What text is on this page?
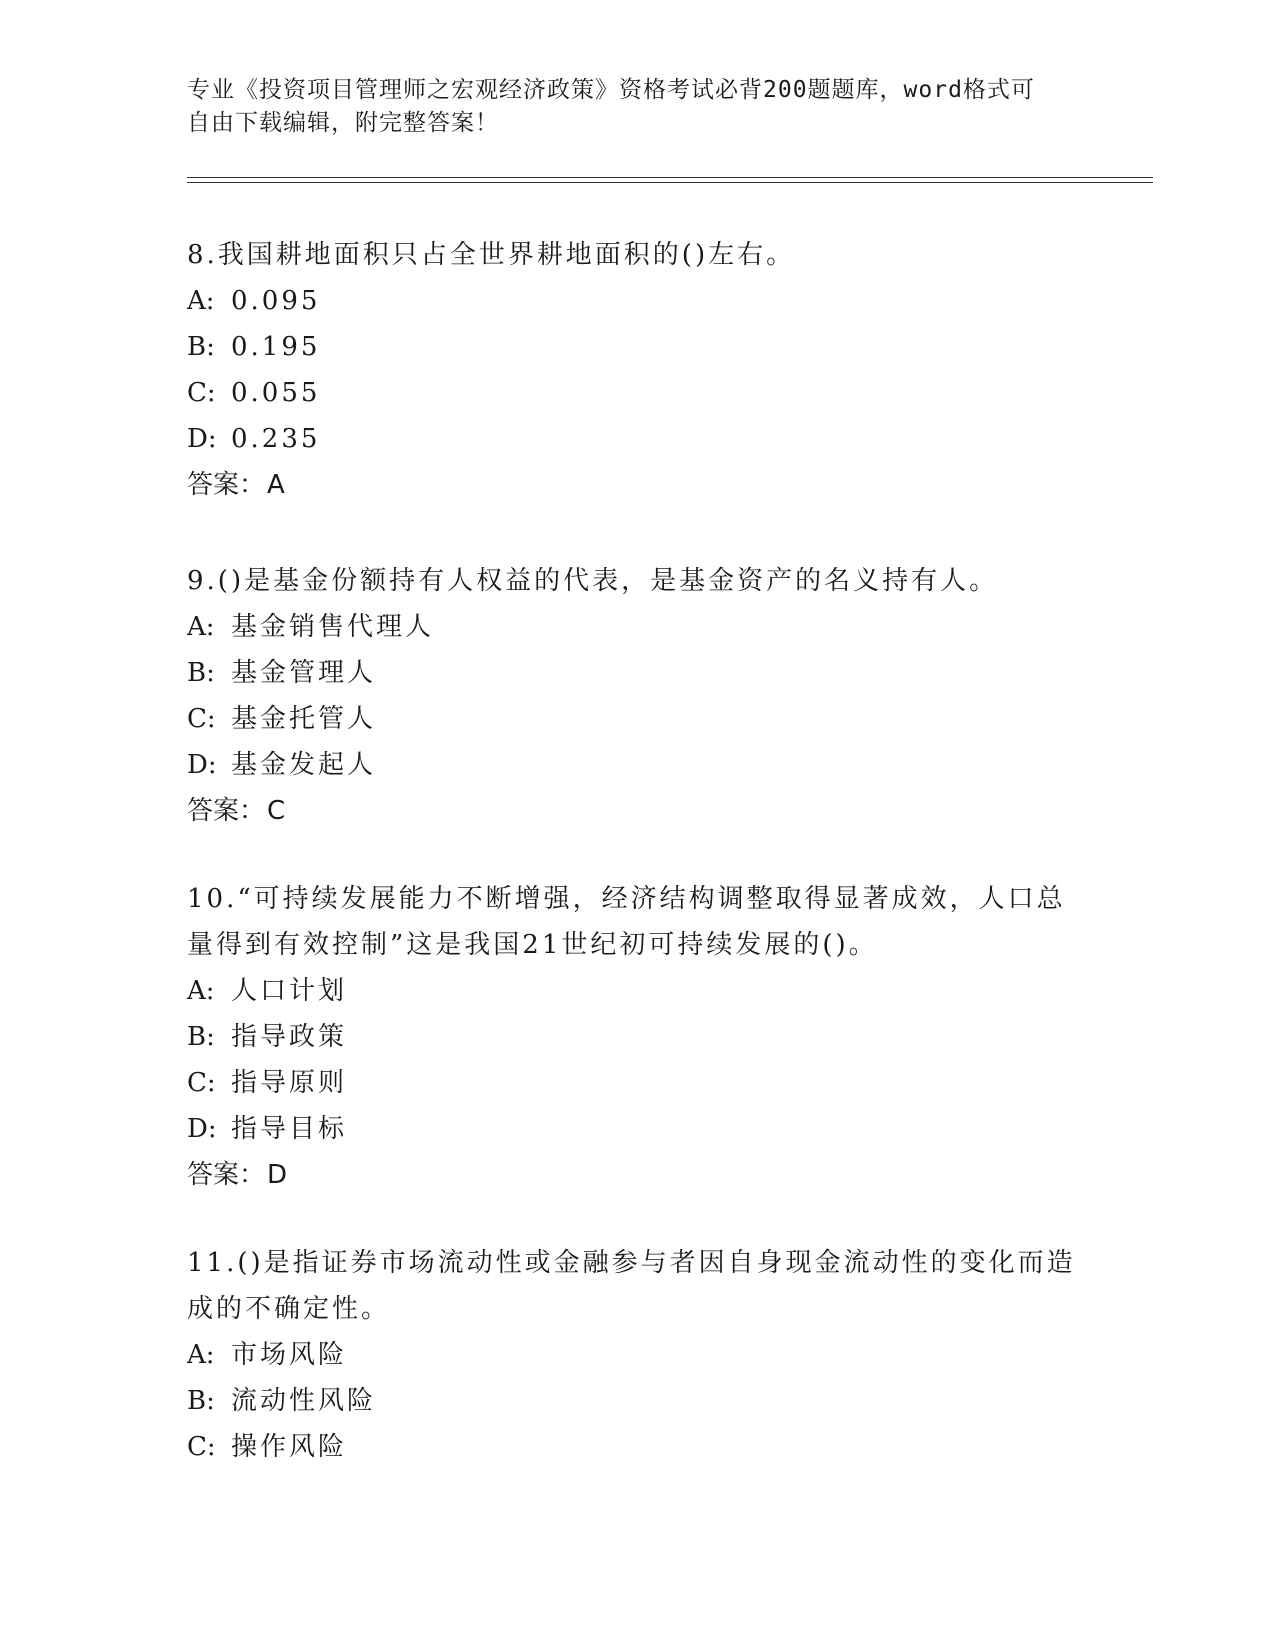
专业《投资项目管理师之宏观经济政策》资格考试必背200题题库，word格式可
自由下载编辑，附完整答案！

8.我国耕地面积只占全世界耕地面积的()左右。

A: 0.095

B: 0.195

C: 0.055

D: 0.235

答案：A

9.()是基金份额持有人权益的代表，是基金资产的名义持有人。

A: 基金销售代理人

B: 基金管理人

C: 基金托管人

D: 基金发起人

答案：C

10.“可持续发展能力不断增强，经济结构调整取得显著成效，人口总

量得到有效控制”这是我国21世纪初可持续发展的()。

A: 人口计划

B: 指导政策

C: 指导原则

D: 指导目标

答案：D

11.()是指证券市场流动性或金融参与者因自身现金流动性的变化而造

成的不确定性。

A: 市场风险

B: 流动性风险

C: 操作风险
